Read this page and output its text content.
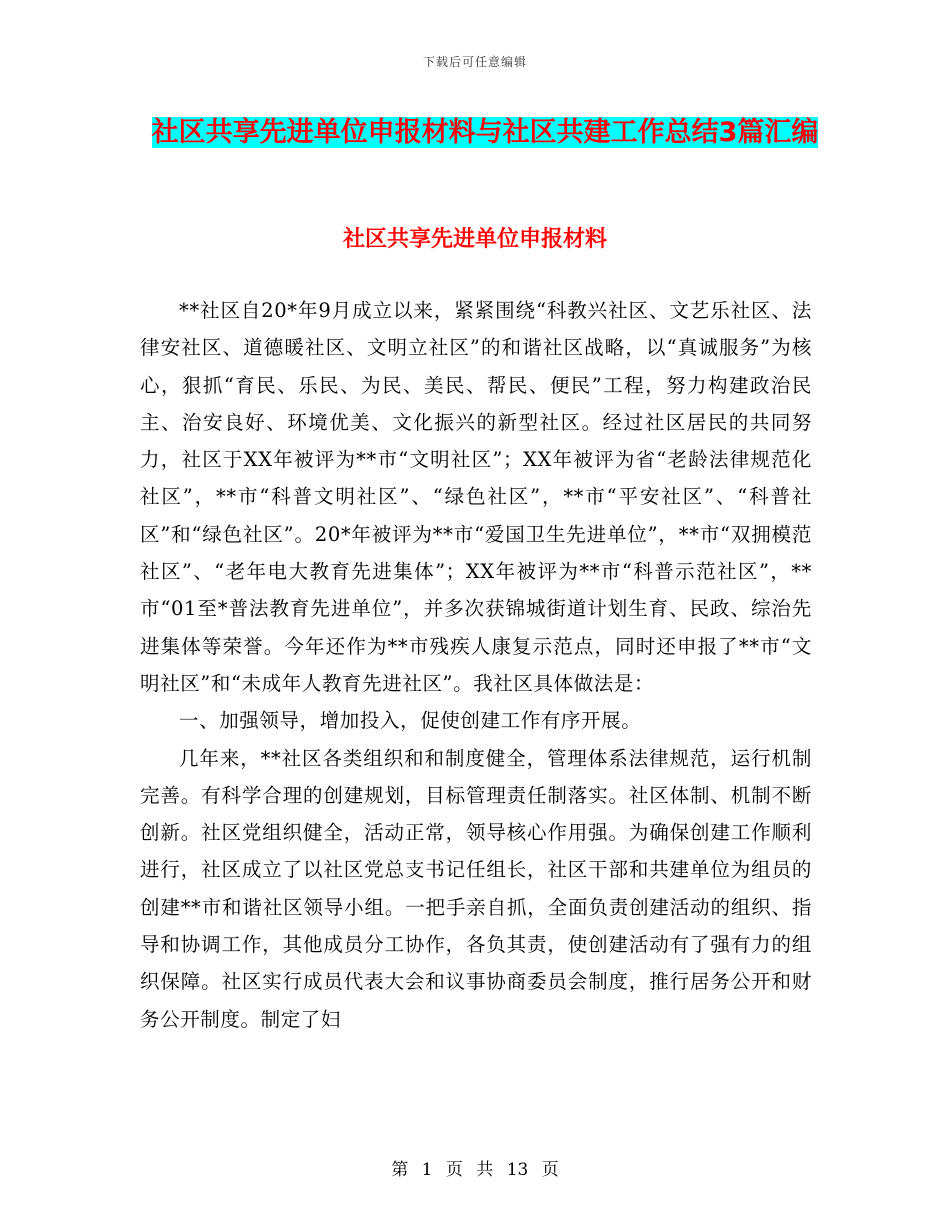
下载后可任意编辑
社区共享先进单位申报材料与社区共建工作总结3篇汇编
社区共享先进单位申报材料

**社区自20*年9月成立以来，紧紧围绕“科教兴社区、文艺乐社区、法律安社区、道德暖社区、文明立社区”的和谐社区战略，以“真诚服务”为核心，狠抓“育民、乐民、为民、美民、帮民、便民”工程，努力构建政治民主、治安良好、环境优美、文化振兴的新型社区。经过社区居民的共同努力，社区于XX年被评为**市“文明社区”；XX年被评为省“老龄法律规范化社区”，**市“科普文明社区”、“绿色社区”，**市“平安社区”、“科普社区”和“绿色社区”。20*年被评为**市“爱国卫生先进单位”，**市“双拥模范社区”、“老年电大教育先进集体”；XX年被评为**市“科普示范社区”，**市“01至*普法教育先进单位”，并多次获锦城街道计划生育、民政、综治先进集体等荣誉。今年还作为**市残疾人康复示范点，同时还申报了**市“文明社区”和“未成年人教育先进社区”。我社区具体做法是：

一、加强领导，增加投入，促使创建工作有序开展。

几年来，**社区各类组织和和制度健全，管理体系法律规范，运行机制完善。有科学合理的创建规划，目标管理责任制落实。社区体制、机制不断创新。社区党组织健全，活动正常，领导核心作用强。为确保创建工作顺利进行，社区成立了以社区党总支书记任组长，社区干部和共建单位为组员的创建**市和谐社区领导小组。一把手亲自抓，全面负责创建活动的组织、指导和协调工作，其他成员分工协作，各负其责，使创建活动有了强有力的组织保障。社区实行成员代表大会和议事协商委员会制度，推行居务公开和财务公开制度。制定了妇

第 1 页 共 13 页
